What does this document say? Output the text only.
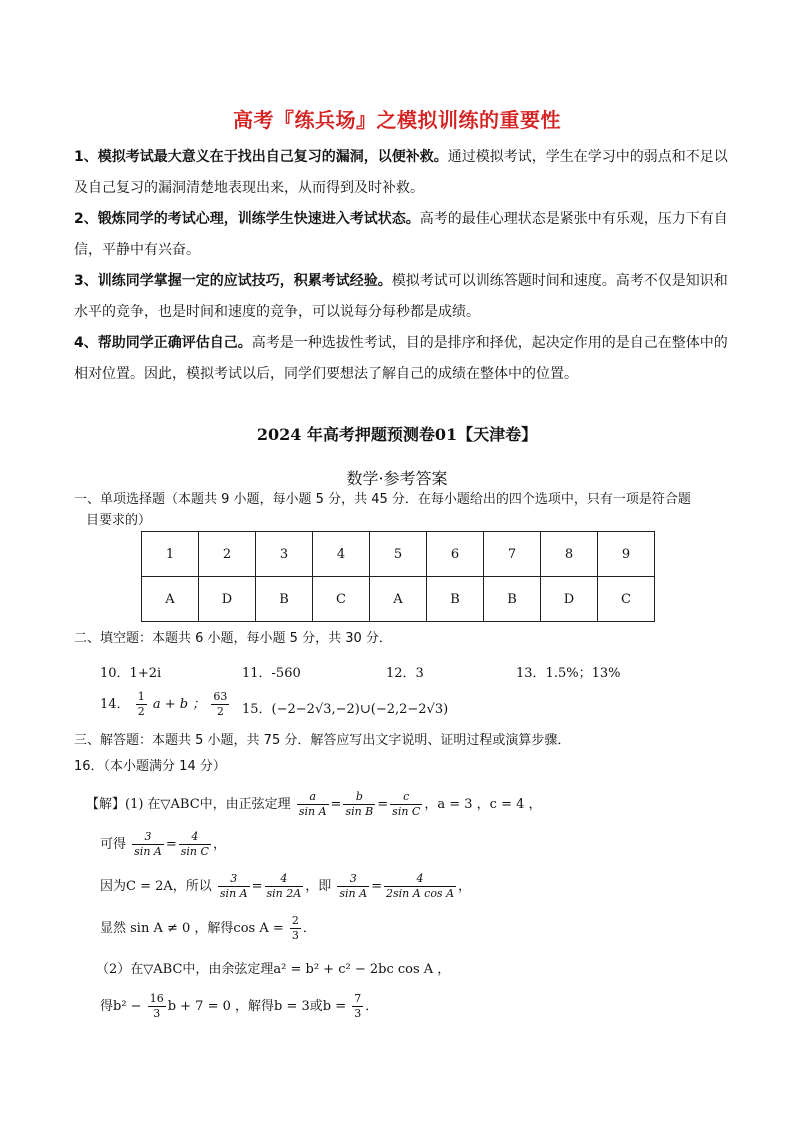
高考『练兵场』之模拟训练的重要性
1、模拟考试最大意义在于找出自己复习的漏洞，以便补救。通过模拟考试，学生在学习中的弱点和不足以及自己复习的漏洞清楚地表现出来，从而得到及时补救。
2、锻炼同学的考试心理，训练学生快速进入考试状态。高考的最佳心理状态是紧张中有乐观，压力下有自信，平静中有兴奋。
3、训练同学掌握一定的应试技巧，积累考试经验。模拟考试可以训练答题时间和速度。高考不仅是知识和水平的竞争，也是时间和速度的竞争，可以说每分每秒都是成绩。
4、帮助同学正确评估自己。高考是一种选拔性考试，目的是排序和择优，起决定作用的是自己在整体中的相对位置。因此，模拟考试以后，同学们要想法了解自己的成绩在整体中的位置。
2024 年高考押题预测卷01【天津卷】
数学·参考答案
一、单项选择题（本题共 9 小题，每小题 5 分，共 45 分．在每小题给出的四个选项中，只有一项是符合题
目要求的）
1	2	3	4	5	6	7	8	9
A	D	B	C	A	B	B	D	C
二、填空题：本题共 6 小题，每小题 5 分，共 30 分．
10．1+2i	11．-560	12．3	13．1.5%；13%
14． $\frac{1}{2}$ a + b ； $\frac{63}{2} 15$．(−2−2√3,−2)∪(−2,2−2√3)
三、解答题：本题共 5 小题，共 75 分．解答应写出文字说明、证明过程或演算步骤．
16．（本小题满分 14 分）
【解】(1) 在▽ABC中，由正弦定理 $\frac{a}{\text{sin A}} = \frac{b}{\text{sin B}} = \frac{c}{\text{sin C}}$ ，a = 3 ，c = 4 ，
可得 $\frac{3}{\text{sin A}} = \frac{4}{\text{sin C}}$ ，
因为C = 2A，所以 $\frac{3}{\text{sin A}} = \frac{4}{\sin 2A}$ ，即 $\frac{3}{\text{sin A}} = \frac{4}{\text{2sin A cos A}}$ ，
显然 sin A ≠ 0 ，解得$\cos A = \frac{2}{3}$ ．
（2）在▽ABC中，由余弦定理a² = b² + c² − 2bc cos A ，
得$b^2 - \frac{16}{3}$ b + 7 = 0 ，解得b = 3或$b = \frac{7}{3}$ ．
